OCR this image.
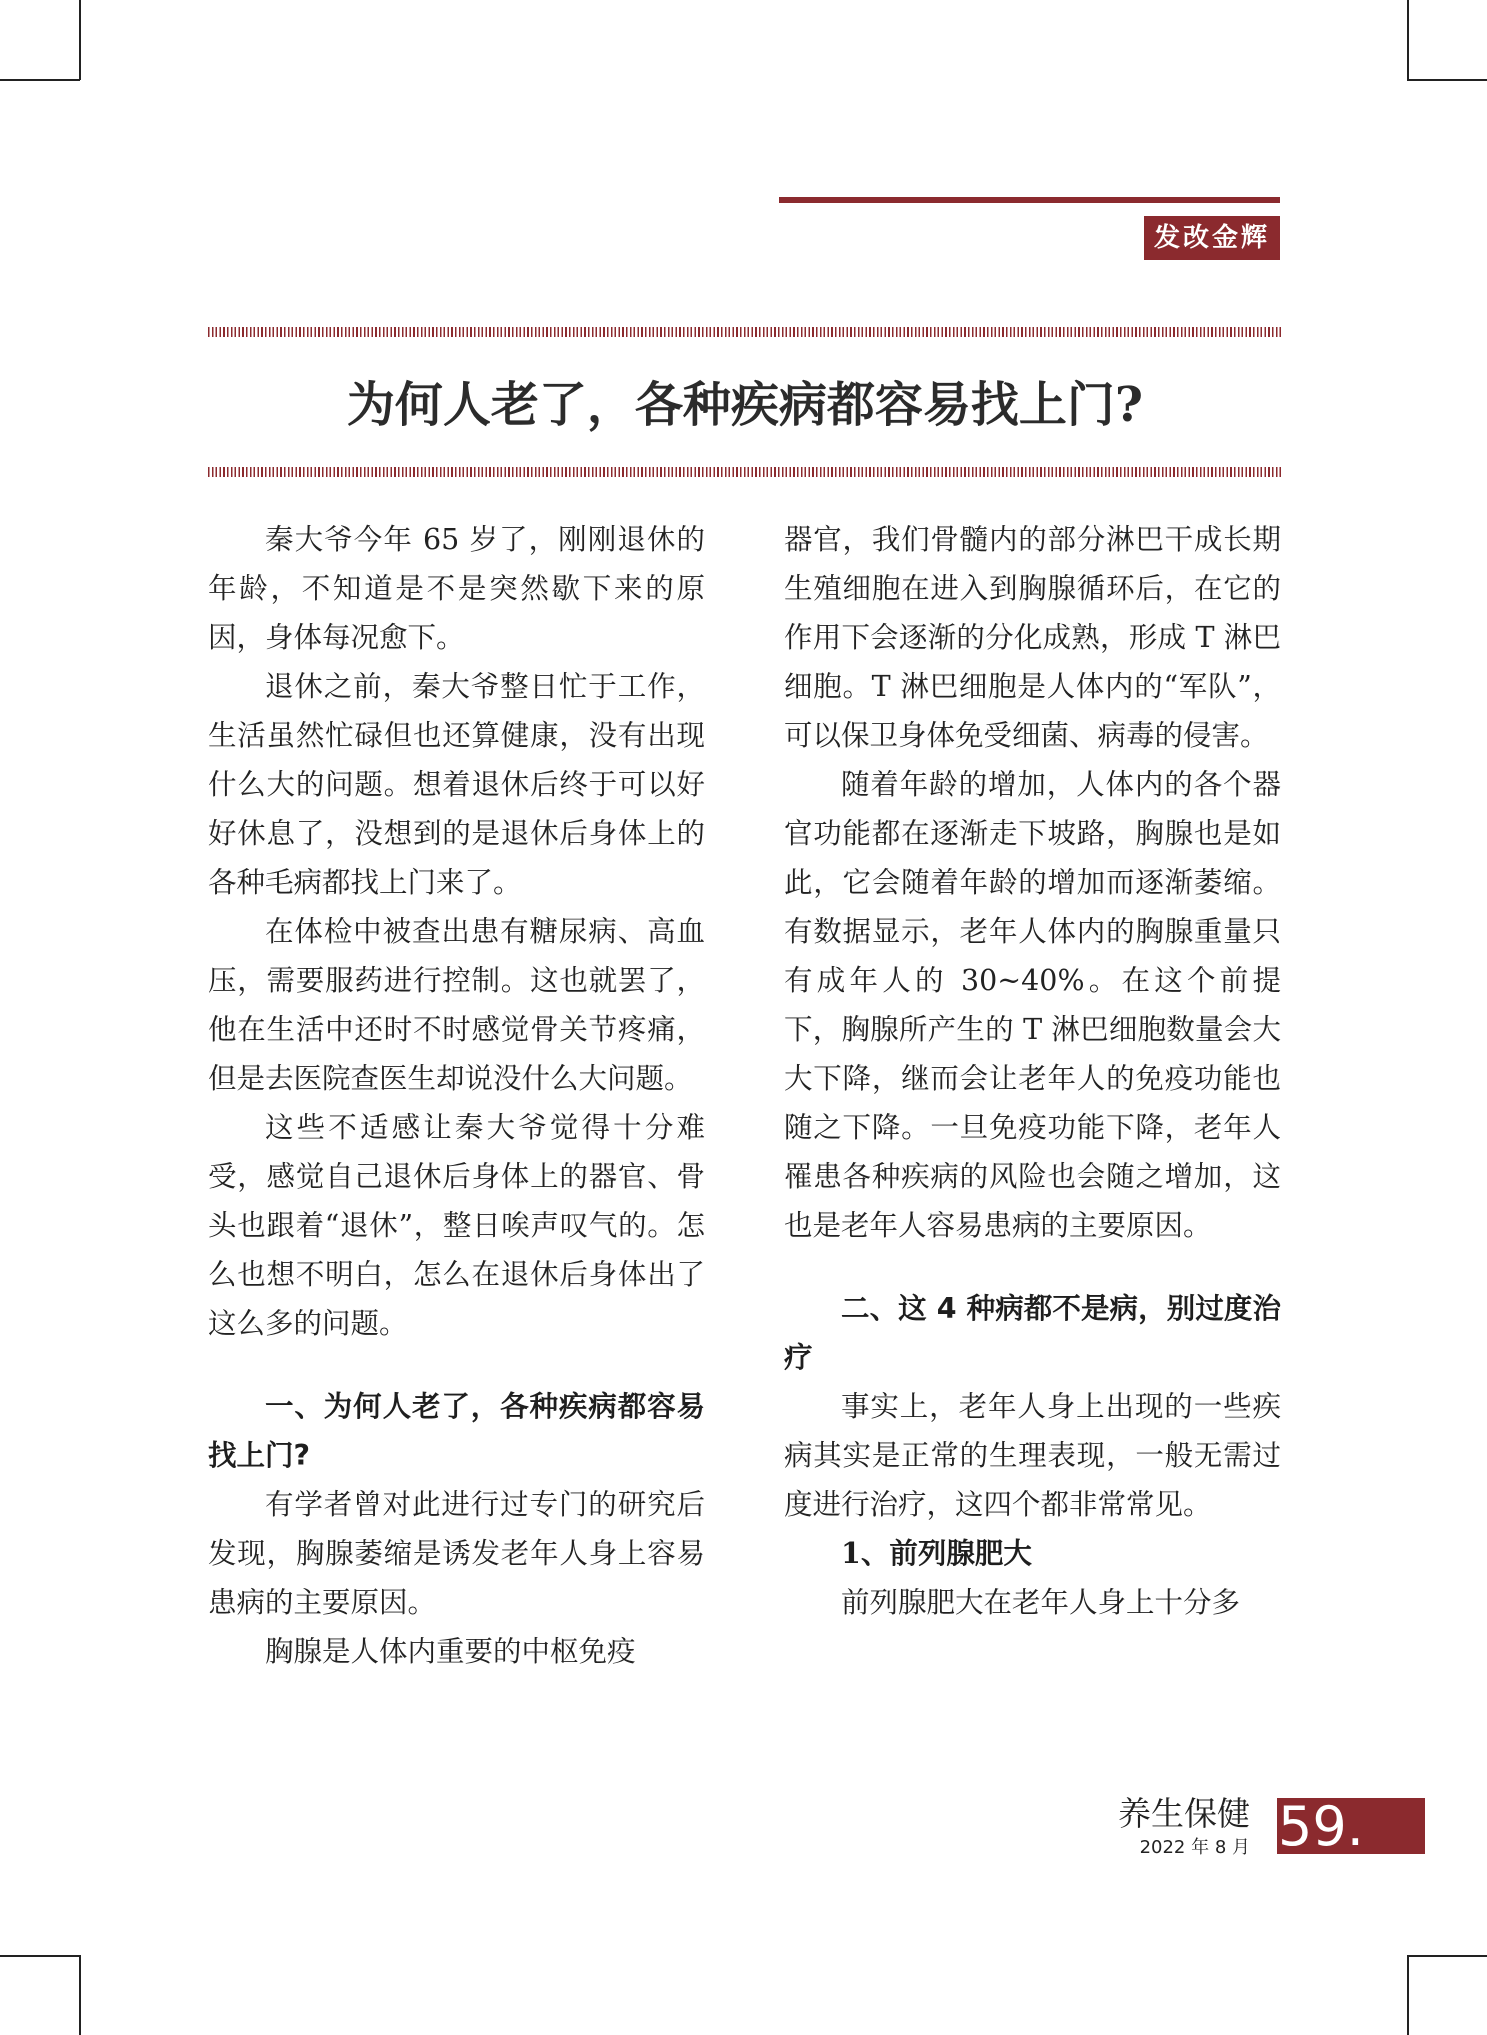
发改金辉
为何人老了，各种疾病都容易找上门?

秦大爷今年 65 岁了，刚刚退休的年龄，不知道是不是突然歇下来的原因，身体每况愈下。

退休之前，秦大爷整日忙于工作，生活虽然忙碌但也还算健康，没有出现什么大的问题。想着退休后终于可以好好休息了，没想到的是退休后身体上的各种毛病都找上门来了。

在体检中被查出患有糖尿病、高血压，需要服药进行控制。这也就罢了，他在生活中还时不时感觉骨关节疼痛，但是去医院查医生却说没什么大问题。

这些不适感让秦大爷觉得十分难受，感觉自己退休后身体上的器官、骨头也跟着“退休”，整日唉声叹气的。怎么也想不明白，怎么在退休后身体出了这么多的问题。

一、为何人老了，各种疾病都容易找上门?

有学者曾对此进行过专门的研究后发现，胸腺萎缩是诱发老年人身上容易患病的主要原因。

胸腺是人体内重要的中枢免疫

器官，我们骨髓内的部分淋巴干成长期生殖细胞在进入到胸腺循环后，在它的作用下会逐渐的分化成熟，形成 T 淋巴细胞。T 淋巴细胞是人体内的“军队”，可以保卫身体免受细菌、病毒的侵害。

随着年龄的增加，人体内的各个器官功能都在逐渐走下坡路，胸腺也是如此，它会随着年龄的增加而逐渐萎缩。有数据显示，老年人体内的胸腺重量只有成年人的 30~40%。在这个前提下，胸腺所产生的 T 淋巴细胞数量会大大下降，继而会让老年人的免疫功能也随之下降。一旦免疫功能下降，老年人罹患各种疾病的风险也会随之增加，这也是老年人容易患病的主要原因。

二、这 4 种病都不是病，别过度治疗

事实上，老年人身上出现的一些疾病其实是正常的生理表现，一般无需过度进行治疗，这四个都非常常见。

1、前列腺肥大

前列腺肥大在老年人身上十分多

养生保健
2022 年 8 月 59.
